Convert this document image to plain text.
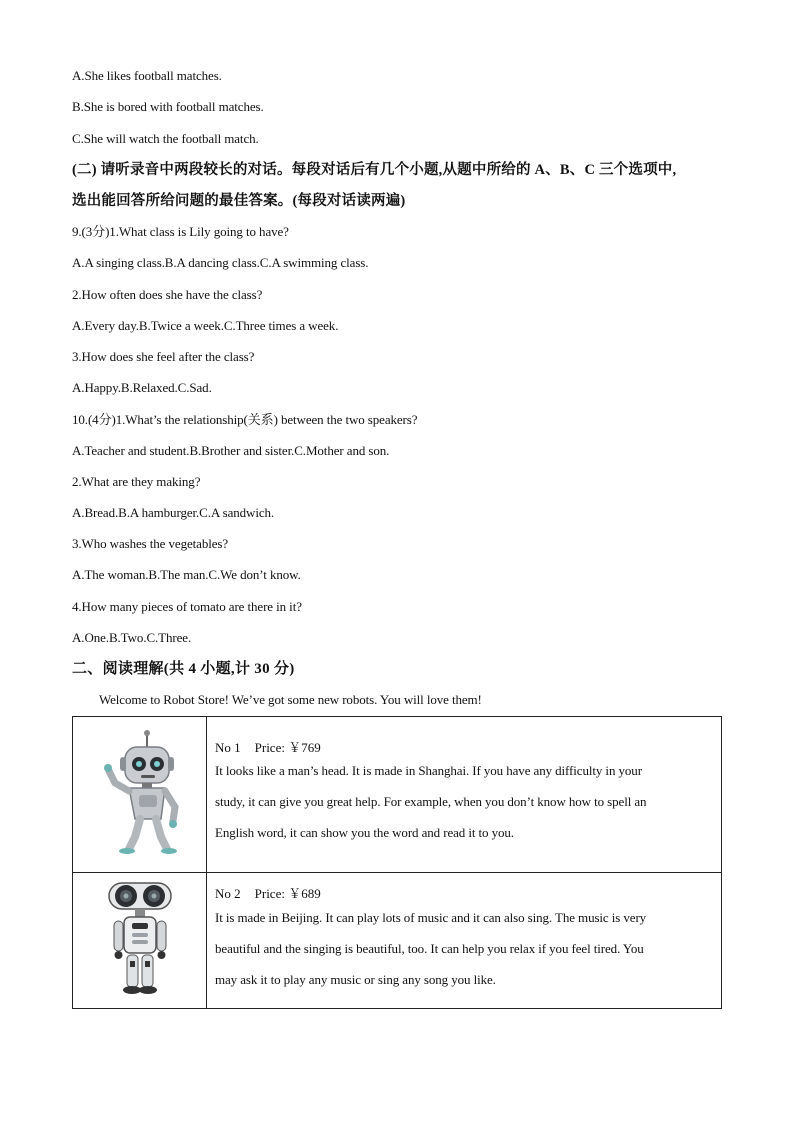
A.She likes football matches.
B.She is bored with football matches.
C.She will watch the football match.
(二) 请听录音中两段较长的对话。每段对话后有几个小题,从题中所给的 A、B、C 三个选项中,
选出能回答所给问题的最佳答案。(每段对话读两遍)
9.(3分)1.What class is Lily going to have?
A.A singing class.B.A dancing class.C.A swimming class.
2.How often does she have the class?
A.Every day.B.Twice a week.C.Three times a week.
3.How does she feel after the class?
A.Happy.B.Relaxed.C.Sad.
10.(4分)1.What’s the relationship(关系) between the two speakers?
A.Teacher and student.B.Brother and sister.C.Mother and son.
2.What are they making?
A.Bread.B.A hamburger.C.A sandwich.
3.Who washes the vegetables?
A.The woman.B.The man.C.We don’t know.
4.How many pieces of tomato are there in it?
A.One.B.Two.C.Three.
二、阅读理解(共 4 小题,计 30 分)
Welcome to Robot Store! We’ve got some new robots. You will love them!

No 1 Price: ￥769
It looks like a man’s head. It is made in Shanghai. If you have any difficulty in your
study, it can give you great help. For example, when you don’t know how to spell an
English word, it can show you the word and read it to you.

No 2 Price: ￥689
It is made in Beijing. It can play lots of music and it can also sing. The music is very
beautiful and the singing is beautiful, too. It can help you relax if you feel tired. You
may ask it to play any music or sing any song you like.
